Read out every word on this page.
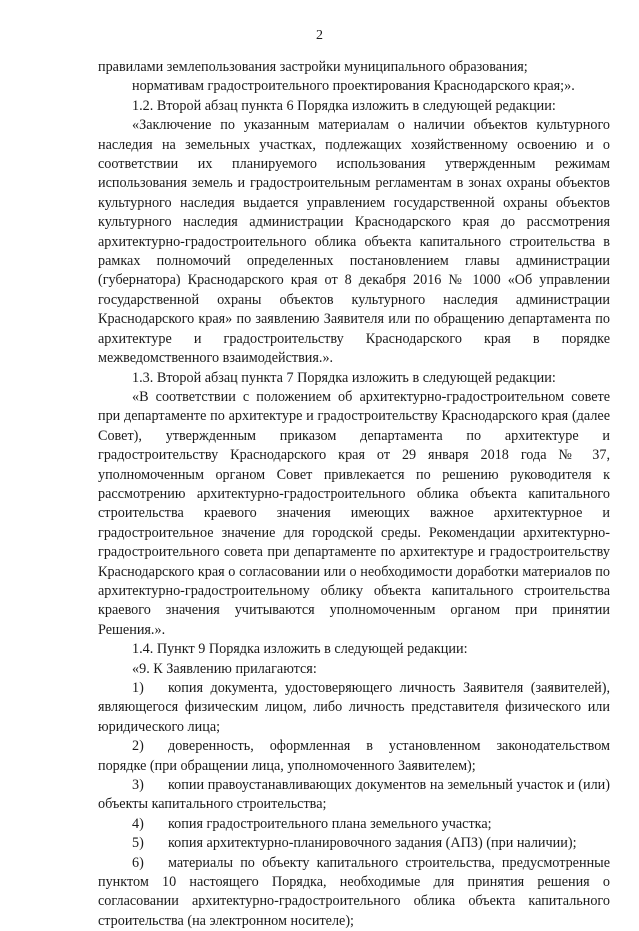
2

правилами землепользования застройки муниципального образования;

нормативам градостроительного проектирования Краснодарского края;».

1.2. Второй абзац пункта 6 Порядка изложить в следующей редакции:

«Заключение по указанным материалам о наличии объектов культурного наследия на земельных участках, подлежащих хозяйственному освоению и о соответствии их планируемого использования утвержденным режимам использования земель и градостроительным регламентам в зонах охраны объектов культурного наследия выдается управлением государственной охраны объектов культурного наследия администрации Краснодарского края до рассмотрения архитектурно-градостроительного облика объекта капитального строительства в рамках полномочий определенных постановлением главы администрации (губернатора) Краснодарского края от 8 декабря 2016 № 1000 «Об управлении государственной охраны объектов культурного наследия администрации Краснодарского края» по заявлению Заявителя или по обращению департамента по архитектуре и градостроительству Краснодарского края в порядке межведомственного взаимодействия.».

1.3. Второй абзац пункта 7 Порядка изложить в следующей редакции:

«В соответствии с положением об архитектурно-градостроительном совете при департаменте по архитектуре и градостроительству Краснодарского края (далее Совет), утвержденным приказом департамента по архитектуре и градостроительству Краснодарского края от 29 января 2018 года № 37, уполномоченным органом Совет привлекается по решению руководителя к рассмотрению архитектурно-градостроительного облика объекта капитального строительства краевого значения имеющих важное архитектурное и градостроительное значение для городской среды. Рекомендации архитектурно-градостроительного совета при департаменте по архитектуре и градостроительству Краснодарского края о согласовании или о необходимости доработки материалов по архитектурно-градостроительному облику объекта капитального строительства краевого значения учитываются уполномоченным органом при принятии Решения.».

1.4. Пункт 9 Порядка изложить в следующей редакции:

«9. К Заявлению прилагаются:

1) копия документа, удостоверяющего личность Заявителя (заявителей), являющегося физическим лицом, либо личность представителя физического или юридического лица;

2) доверенность, оформленная в установленном законодательством порядке (при обращении лица, уполномоченного Заявителем);

3) копии правоустанавливающих документов на земельный участок и (или) объекты капитального строительства;

4) копия градостроительного плана земельного участка;

5) копия архитектурно-планировочного задания (АПЗ) (при наличии);

6) материалы по объекту капитального строительства, предусмотренные пунктом 10 настоящего Порядка, необходимые для принятия решения о согласовании архитектурно-градостроительного облика объекта капитального строительства (на электронном носителе);
